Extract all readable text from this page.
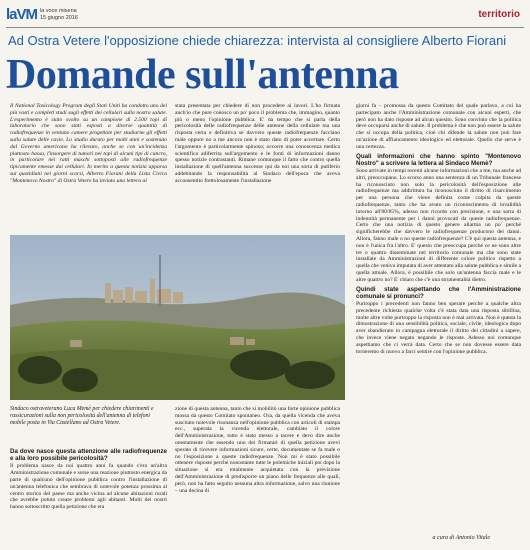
laVM la voce misena
15 giugno 2016	territorio
Ad Ostra Vetere l'opposizione chiede chiarezza: intervista al consigliere Alberto Fiorani
Domande sull'antenna

Il National Toxicology Program degli Stati Uniti ha condotto uno dei più vasti e completi studi sugli effetti dei cellulari sulla nostra salute. L'esperimento è stato svolto su un campione di 2.500 topi di laboratorio che sono stati esposti a diverse quantità di radiofrequenze in ventuno camere progettate per studiarne gli effetti sulla salute delle cavie. Lo studio durato per molti anni e sostenuto dal Governo americano ha rilevato, anche se con un'incidenza piuttosto bassa, l'insorgere di tumori nei topi di alcuni tipi di cancro, in particolare nei ratti maschi sottoposti alle radiofrequenze tipicamente emesse dai cellulari. In merito a questa notizia apparsa sui quotidiani nei giorni scorsi, Alberto Fiorani della Lista Civica "Montenovo Nostro" di Ostra Vetere ha inviato una lettera al

stata presentata per chiedere di non procedere ai lavori. L'ho firmata anch'io che pure conosco un po' poco il problema che, immagino, quanto più o meno l'opinione pubblica. E' da tempo che si parla della pericolosità delle radiofrequenze delle antenne della cellulare ma una risposta certa e definitiva se davvero queste radiofrequenze facciano male oppure no a me ancora non è stato dato di poter accertare. Certo l'argomento è particolarmente spinoso; occorre una conoscenza medica scientifica adiferrita sull'argomento e le fonti di informazioni danno spesso notizie contrastanti. Rimane comunque il fatto che contro quella installazione di quell'antenna successe qui da noi una sorta di putiferio addebitando la responsabilità al Sindaco dell'epoca che aveva acconsentito frettolosamente l'installazione

giorni fa – promossa da questo Comitato del quale parlavo, a cui ha partecipato anche l'Amministrazione comunale con alcuni esperti, che però non ha dato risposte ad alcun quesito. Sono convinto che la politica deve occuparsi anche di salute. Il problema è che non può essere la salute che si occupa della politica, cioè chi difende la salute non può fare un'azione di affiancamento ideologico ed elettorale. Quello che serve è una certezza.

Quali informazioni che hanno spinto "Montenovo Nostro" a scrivere la lettera al Sindaco Memè?

Sono arrivate in tempi recenti alcune informazioni che a me, ma anche ad altri, preoccupano. Lo scorso anno una sentenza di un Tribunale francese ha riconosciuto non solo la pericolosità dell'esposizione alle radiofrequenze ma addirittura ha riconosciuto il diritto di risarcimento per una persona che viene definita come colpita da queste radiofrequenze, tanto che ha avuto un riconoscimento di invalidità intorno all'80/85%, adesso non ricordo con precisione, e una sorta di indennità permanente per i danni provocati da queste radiofrequenze. Certo che una notizia di questo genere allarma un po' perché significherebbe che davvero le radiofrequenze producono dei danni. Allora, fanno male o no queste radiofrequenze? C'è qui questa antenna, e non è l'unica fra l'altro. E' questo che preoccupa perché ce ne sono altre tre o quattro disseminate nel territorio comunale ma che sono state installate da Amministrazioni di differente colore politico rispetto a quella che veniva imputata di aver attentato alla salute pubblica e simile a quella attuale. Allora, è possibile che solo un'antenna faccia male e le altre quattro no? E' chiaro che c'è una strumentalità dietro.

Quindi state aspettando che l'Amministrazione comunale si pronunci?

Purtroppo i precedenti non fanno ben sperare perché a qualche altra precedente richiesta qualche volta c'è stata data una risposta sibillina, molte altre volte purtroppo la risposta non è mai arrivata. Non è questa la dimostrazione di una sensibilità politica, sociale, civile, ideologica dopo aver sbandierato in campagna elettorale il diritto dei cittadini a sapere, che invece viene negato negando le risposte. Adesso noi comunque aspettiamo che ci verrà data. Certo che se non dovesse essere data torneremo di nuovo a farci sentire con l'opinione pubblica.

Sindaco ostraveterano Luca Memè per chiedere chiarimenti e rassicurazioni sulla non pericolosità dell'antenna di telefoni mobile posta in Via Castellano ad Ostra Vetere.
Da dove nasce questa attenzione alle radiofrequenze e alla loro possibile pericolosità?

Il problema nasce da noi quattro anni fa quando c'era un'altra Amministrazione comunale e sorse una reazione piuttosto energica da parte di qualcuno dell'opinione pubblica contro l'installazione di un'antenna telefonica che sembrava di notevole potenza prossima al centro storico del paese ma anche vicina ad alcune abitazioni rurali che avrebbe potuto creare problemi agli abitanti. Molti dei nostri hanno sottoscritto quella petizione che era

zione di questa antenna, tanto che si mobilitò una forte opinione pubblica mossa da questo Comitato spontaneo. Ora, da quella vicenda che aveva suscitato notevole risonanza nell'opinione pubblica con articoli di stampa ecc., superata la vicenda elettorale, cambiato il colore dell'Amministrazione, tutto è stato messo a tacere e devo dire anche onestamente che essendo uno dei firmatari di quella petizione avevi sperato di ricevere informazioni sicure, certe, documentate se fa male o no l'esposizione a queste radiofrequenze. Non mi è stato possibile ottenere risposte perché nonostante tutte le polemiche iniziali poi dopo la situazione si era totalmente acquietata con la previsione dell'Amministrazione di predisporre un piano delle frequenze alle quali, però, non ha fatto seguito nessuna altra informazione, salvo una riunione – una decina di

a cura di Antonio Vitale
